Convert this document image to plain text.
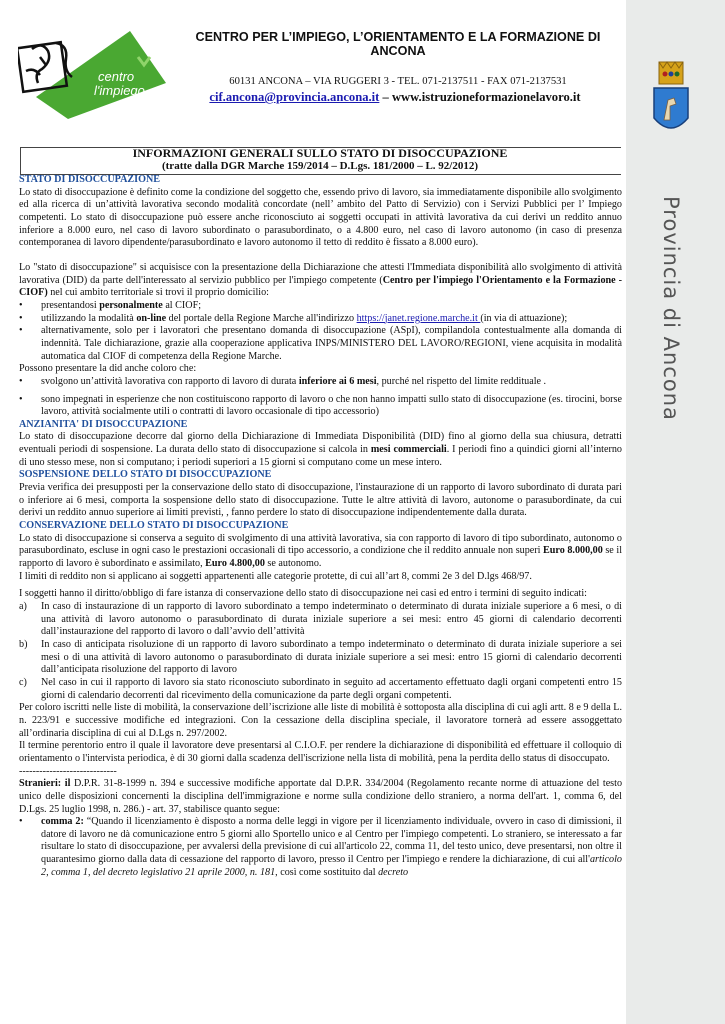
Provincia di Ancona
centro
l'impiego
CENTRO PER L’IMPIEGO, L’ORIENTAMENTO E LA FORMAZIONE DI ANCONA
60131 ANCONA – VIA RUGGERI 3 - TEL. 071-2137511 - FAX 071-2137531
cif.ancona@provincia.ancona.it – www.istruzioneformazionelavoro.it
INFORMAZIONI GENERALI SULLO STATO DI DISOCCUPAZIONE
(tratte dalla DGR Marche 159/2014 – D.Lgs. 181/2000 – L. 92/2012)
STATO DI DISOCCUPAZIONE

Lo stato di disoccupazione è definito come la condizione del soggetto che, essendo privo di lavoro, sia immediatamente disponibile allo svolgimento ed alla ricerca di un’attività lavorativa secondo modalità concordate (nell’ ambito del Patto di Servizio) con i Servizi Pubblici per l’ Impiego competenti. Lo stato di disoccupazione può essere anche riconosciuto ai soggetti occupati in attività lavorativa da cui derivi un reddito annuo inferiore a 8.000 euro, nel caso di lavoro subordinato o parasubordinato, o a 4.800 euro, nel caso di lavoro autonomo (in caso di presenza contemporanea di lavoro dipendente/parasubordinato e lavoro autonomo il tetto di reddito è fissato a 8.000 euro).

Lo "stato di disoccupazione" si acquisisce con la presentazione della Dichiarazione che attesti l'Immediata disponibilità allo svolgimento di attività lavorativa (DID) da parte dell'interessato al servizio pubblico per l'impiego competente (Centro per l'impiego l'Orientamento e la Formazione - CIOF) nel cui ambito territoriale si trovi il proprio domicilio:

• presentandosi personalmente al CIOF;
• utilizzando la modalità on-line del portale della Regione Marche all'indirizzo https://janet.regione.marche.it (in via di attuazione);
• alternativamente, solo per i lavoratori che presentano domanda di disoccupazione (ASpI), compilandola contestualmente alla domanda di indennità. Tale dichiarazione, grazie alla cooperazione applicativa INPS/MINISTERO DEL LAVORO/REGIONI, viene acquisita in modalità automatica dal CIOF di competenza della Regione Marche.

Possono presentare la did anche coloro che:

• svolgono un’attività lavorativa con rapporto di lavoro di durata inferiore ai 6 mesi, purché nel rispetto del limite reddituale .
• sono impegnati in esperienze che non costituiscono rapporto di lavoro o che non hanno impatti sullo stato di disoccupazione (es. tirocini, borse lavoro, attività socialmente utili o contratti di lavoro occasionale di tipo accessorio)
ANZIANITA' DI DISOCCUPAZIONE

Lo stato di disoccupazione decorre dal giorno della Dichiarazione di Immediata Disponibilità (DID) fino al giorno della sua chiusura, detratti eventuali periodi di sospensione. La durata dello stato di disoccupazione si calcola in mesi commerciali. I periodi fino a quindici giorni all’interno di uno stesso mese, non si computano; i periodi superiori a 15 giorni si computano come un mese intero.

SOSPENSIONE DELLO STATO DI DISOCCUPAZIONE

Previa verifica dei presupposti per la conservazione dello stato di disoccupazione, l'instaurazione di un rapporto di lavoro subordinato di durata pari o inferiore ai 6 mesi, comporta la sospensione dello stato di disoccupazione. Tutte le altre attività di lavoro, autonome o parasubordinate, da cui derivi un reddito annuo superiore ai limiti previsti, , fanno perdere lo stato di disoccupazione indipendentemente dalla durata.

CONSERVAZIONE DELLO STATO DI DISOCCUPAZIONE

Lo stato di disoccupazione si conserva a seguito di svolgimento di una attività lavorativa, sia con rapporto di lavoro di tipo subordinato, autonomo o parasubordinato, escluse in ogni caso le prestazioni occasionali di tipo accessorio, a condizione che il reddito annuale non superi Euro 8.000,00 se il rapporto di lavoro è subordinato e assimilato, Euro 4.800,00 se autonomo.

I limiti di reddito non si applicano ai soggetti appartenenti alle categorie protette, di cui all’art 8, commi 2e 3 del D.lgs 468/97.

I soggetti hanno il diritto/obbligo di fare istanza di conservazione dello stato di disoccupazione nei casi ed entro i termini di seguito indicati:

a) In caso di instaurazione di un rapporto di lavoro subordinato a tempo indeterminato o determinato di durata iniziale superiore a 6 mesi, o di una attività di lavoro autonomo o parasubordinato di durata iniziale superiore a sei mesi: entro 45 giorni di calendario decorrenti dall’instaurazione del rapporto di lavoro o dall’avvio dell’attività
b) In caso di anticipata risoluzione di un rapporto di lavoro subordinato a tempo indeterminato o determinato di durata iniziale superiore a sei mesi o di una attività di lavoro autonomo o parasubordinato di durata iniziale superiore a sei mesi: entro 15 giorni di calendario decorrenti dall’anticipata risoluzione del rapporto di lavoro
c) Nel caso in cui il rapporto di lavoro sia stato riconosciuto subordinato in seguito ad accertamento effettuato dagli organi competenti entro 15 giorni di calendario decorrenti dal ricevimento della comunicazione da parte degli organi competenti.

Per coloro iscritti nelle liste di mobilità, la conservazione dell’iscrizione alle liste di mobilità è sottoposta alla disciplina di cui agli artt. 8 e 9 della L. n. 223/91 e successive modifiche ed integrazioni. Con la cessazione della disciplina speciale, il lavoratore tornerà ad essere assoggettato all’ordinaria disciplina di cui al D.Lgs n. 297/2002.

Il termine perentorio entro il quale il lavoratore deve presentarsi al C.I.O.F. per rendere la dichiarazione di disponibilità ed effettuare il colloquio di orientamento o l'intervista periodica, è di 30 giorni dalla scadenza dell'iscrizione nella lista di mobilità, pena la perdita dello status di disoccupato.

-----------------------------

Stranieri: il D.P.R. 31-8-1999 n. 394 e successive modifiche apportate dal D.P.R. 334/2004 (Regolamento recante norme di attuazione del testo unico delle disposizioni concernenti la disciplina dell'immigrazione e norme sulla condizione dello straniero, a norma dell'art. 1, comma 6, del D.Lgs. 25 luglio 1998, n. 286.) - art. 37, stabilisce quanto segue:

• comma 2: “Quando il licenziamento è disposto a norma delle leggi in vigore per il licenziamento individuale, ovvero in caso di dimissioni, il datore di lavoro ne dà comunicazione entro 5 giorni allo Sportello unico e al Centro per l'impiego competenti. Lo straniero, se interessato a far risultare lo stato di disoccupazione, per avvalersi della previsione di cui all'articolo 22, comma 11, del testo unico, deve presentarsi, non oltre il quarantesimo giorno dalla data di cessazione del rapporto di lavoro, presso il Centro per l'impiego e rendere la dichiarazione, di cui all'articolo 2, comma 1, del decreto legislativo 21 aprile 2000, n. 181, così come sostituito dal decreto
